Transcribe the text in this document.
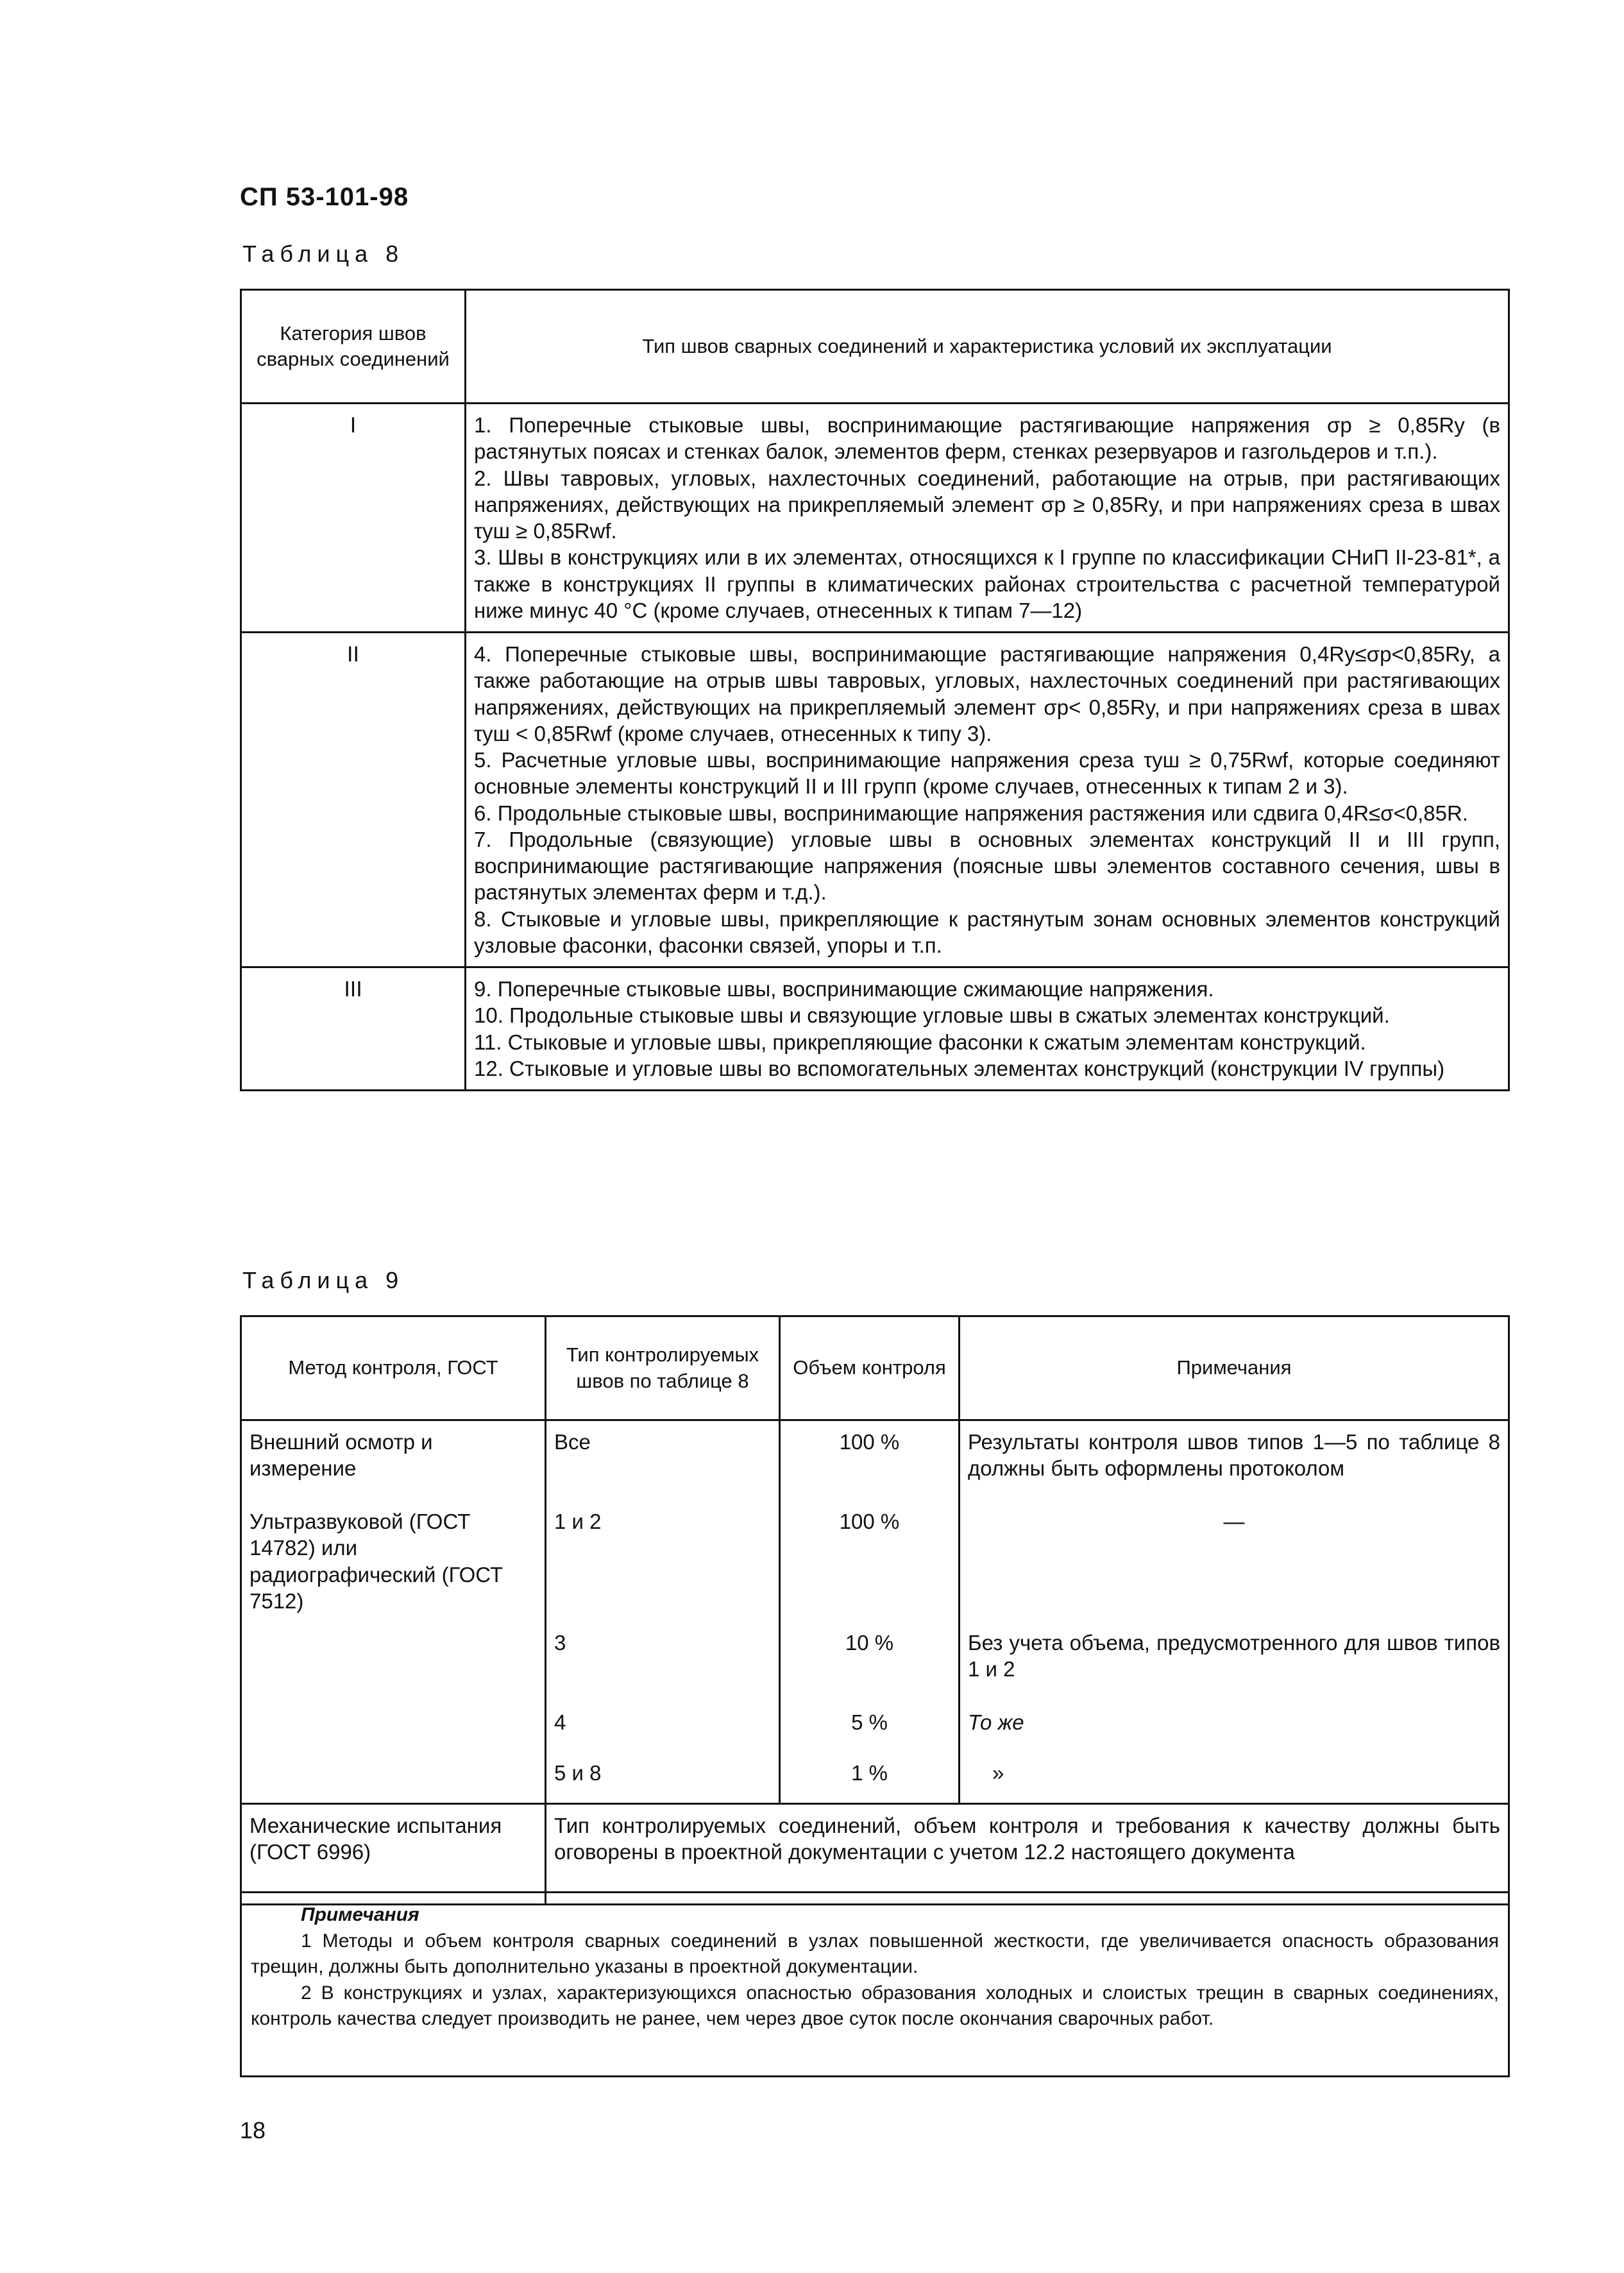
СП 53-101-98
Таблица 8
Категория швов сварных соединений	Тип швов сварных соединений и характеристика условий их эксплуатации
I	1. Поперечные стыковые швы, воспринимающие растягивающие напряжения σp ≥ 0,85Ry (в растянутых поясах и стенках балок, элементов ферм, стенках резервуаров и газгольдеров и т.п.).

2. Швы тавровых, угловых, нахлесточных соединений, работающие на отрыв, при растягивающих напряжениях, действующих на прикрепляемый элемент σp ≥ 0,85Ry, и при напряжениях среза в швах τуш ≥ 0,85Rwf.

3. Швы в конструкциях или в их элементах, относящихся к I группе по классификации СНиП II-23-81*, а также в конструкциях II группы в климатических районах строительства с расчетной температурой ниже минус 40 °С (кроме случаев, отнесенных к типам 7—12)

II	4. Поперечные стыковые швы, воспринимающие растягивающие напряжения 0,4Ry≤σp<0,85Ry, а также работающие на отрыв швы тавровых, угловых, нахлесточных соединений при растягивающих напряжениях, действующих на прикрепляемый элемент σp< 0,85Ry, и при напряжениях среза в швах τуш < 0,85Rwf (кроме случаев, отнесенных к типу 3).

5. Расчетные угловые швы, воспринимающие напряжения среза τуш ≥ 0,75Rwf, которые соединяют основные элементы конструкций II и III групп (кроме случаев, отнесенных к типам 2 и 3).

6. Продольные стыковые швы, воспринимающие напряжения растяжения или сдвига 0,4R≤σ<0,85R.

7. Продольные (связующие) угловые швы в основных элементах конструкций II и III групп, воспринимающие растягивающие напряжения (поясные швы элементов составного сечения, швы в растянутых элементах ферм и т.д.).

8. Стыковые и угловые швы, прикрепляющие к растянутым зонам основных элементов конструкций узловые фасонки, фасонки связей, упоры и т.п.

III	9. Поперечные стыковые швы, воспринимающие сжимающие напряжения.

10. Продольные стыковые швы и связующие угловые швы в сжатых элементах конструкций.

11. Стыковые и угловые швы, прикрепляющие фасонки к сжатым элементам конструкций.

12. Стыковые и угловые швы во вспомогательных элементах конструкций (конструкции IV группы)

Таблица 9
Метод контроля, ГОСТ	Тип контролируемых швов по таблице 8	Объем контроля	Примечания
Внешний осмотр и измерение	Все	100 %	Результаты контроля швов типов 1—5 по таблице 8 должны быть оформлены протоколом
Ультразвуковой (ГОСТ 14782) или радиографический (ГОСТ 7512)	1 и 2	100 %	—
	3	10 %	Без учета объема, предусмотренного для швов типов 1 и 2
	4	5 %	То же
	5 и 8	1 %	»
Механические испытания (ГОСТ 6996)	Тип контролируемых соединений, объем контроля и требования к качеству должны быть оговорены в проектной документации с учетом 12.2 настоящего документа		
Примечания

1 Методы и объем контроля сварных соединений в узлах повышенной жесткости, где увеличивается опасность образования трещин, должны быть дополнительно указаны в проектной документации.

2 В конструкциях и узлах, характеризующихся опасностью образования холодных и слоистых трещин в сварных соединениях, контроль качества следует производить не ранее, чем через двое суток после окончания сварочных работ.

18
